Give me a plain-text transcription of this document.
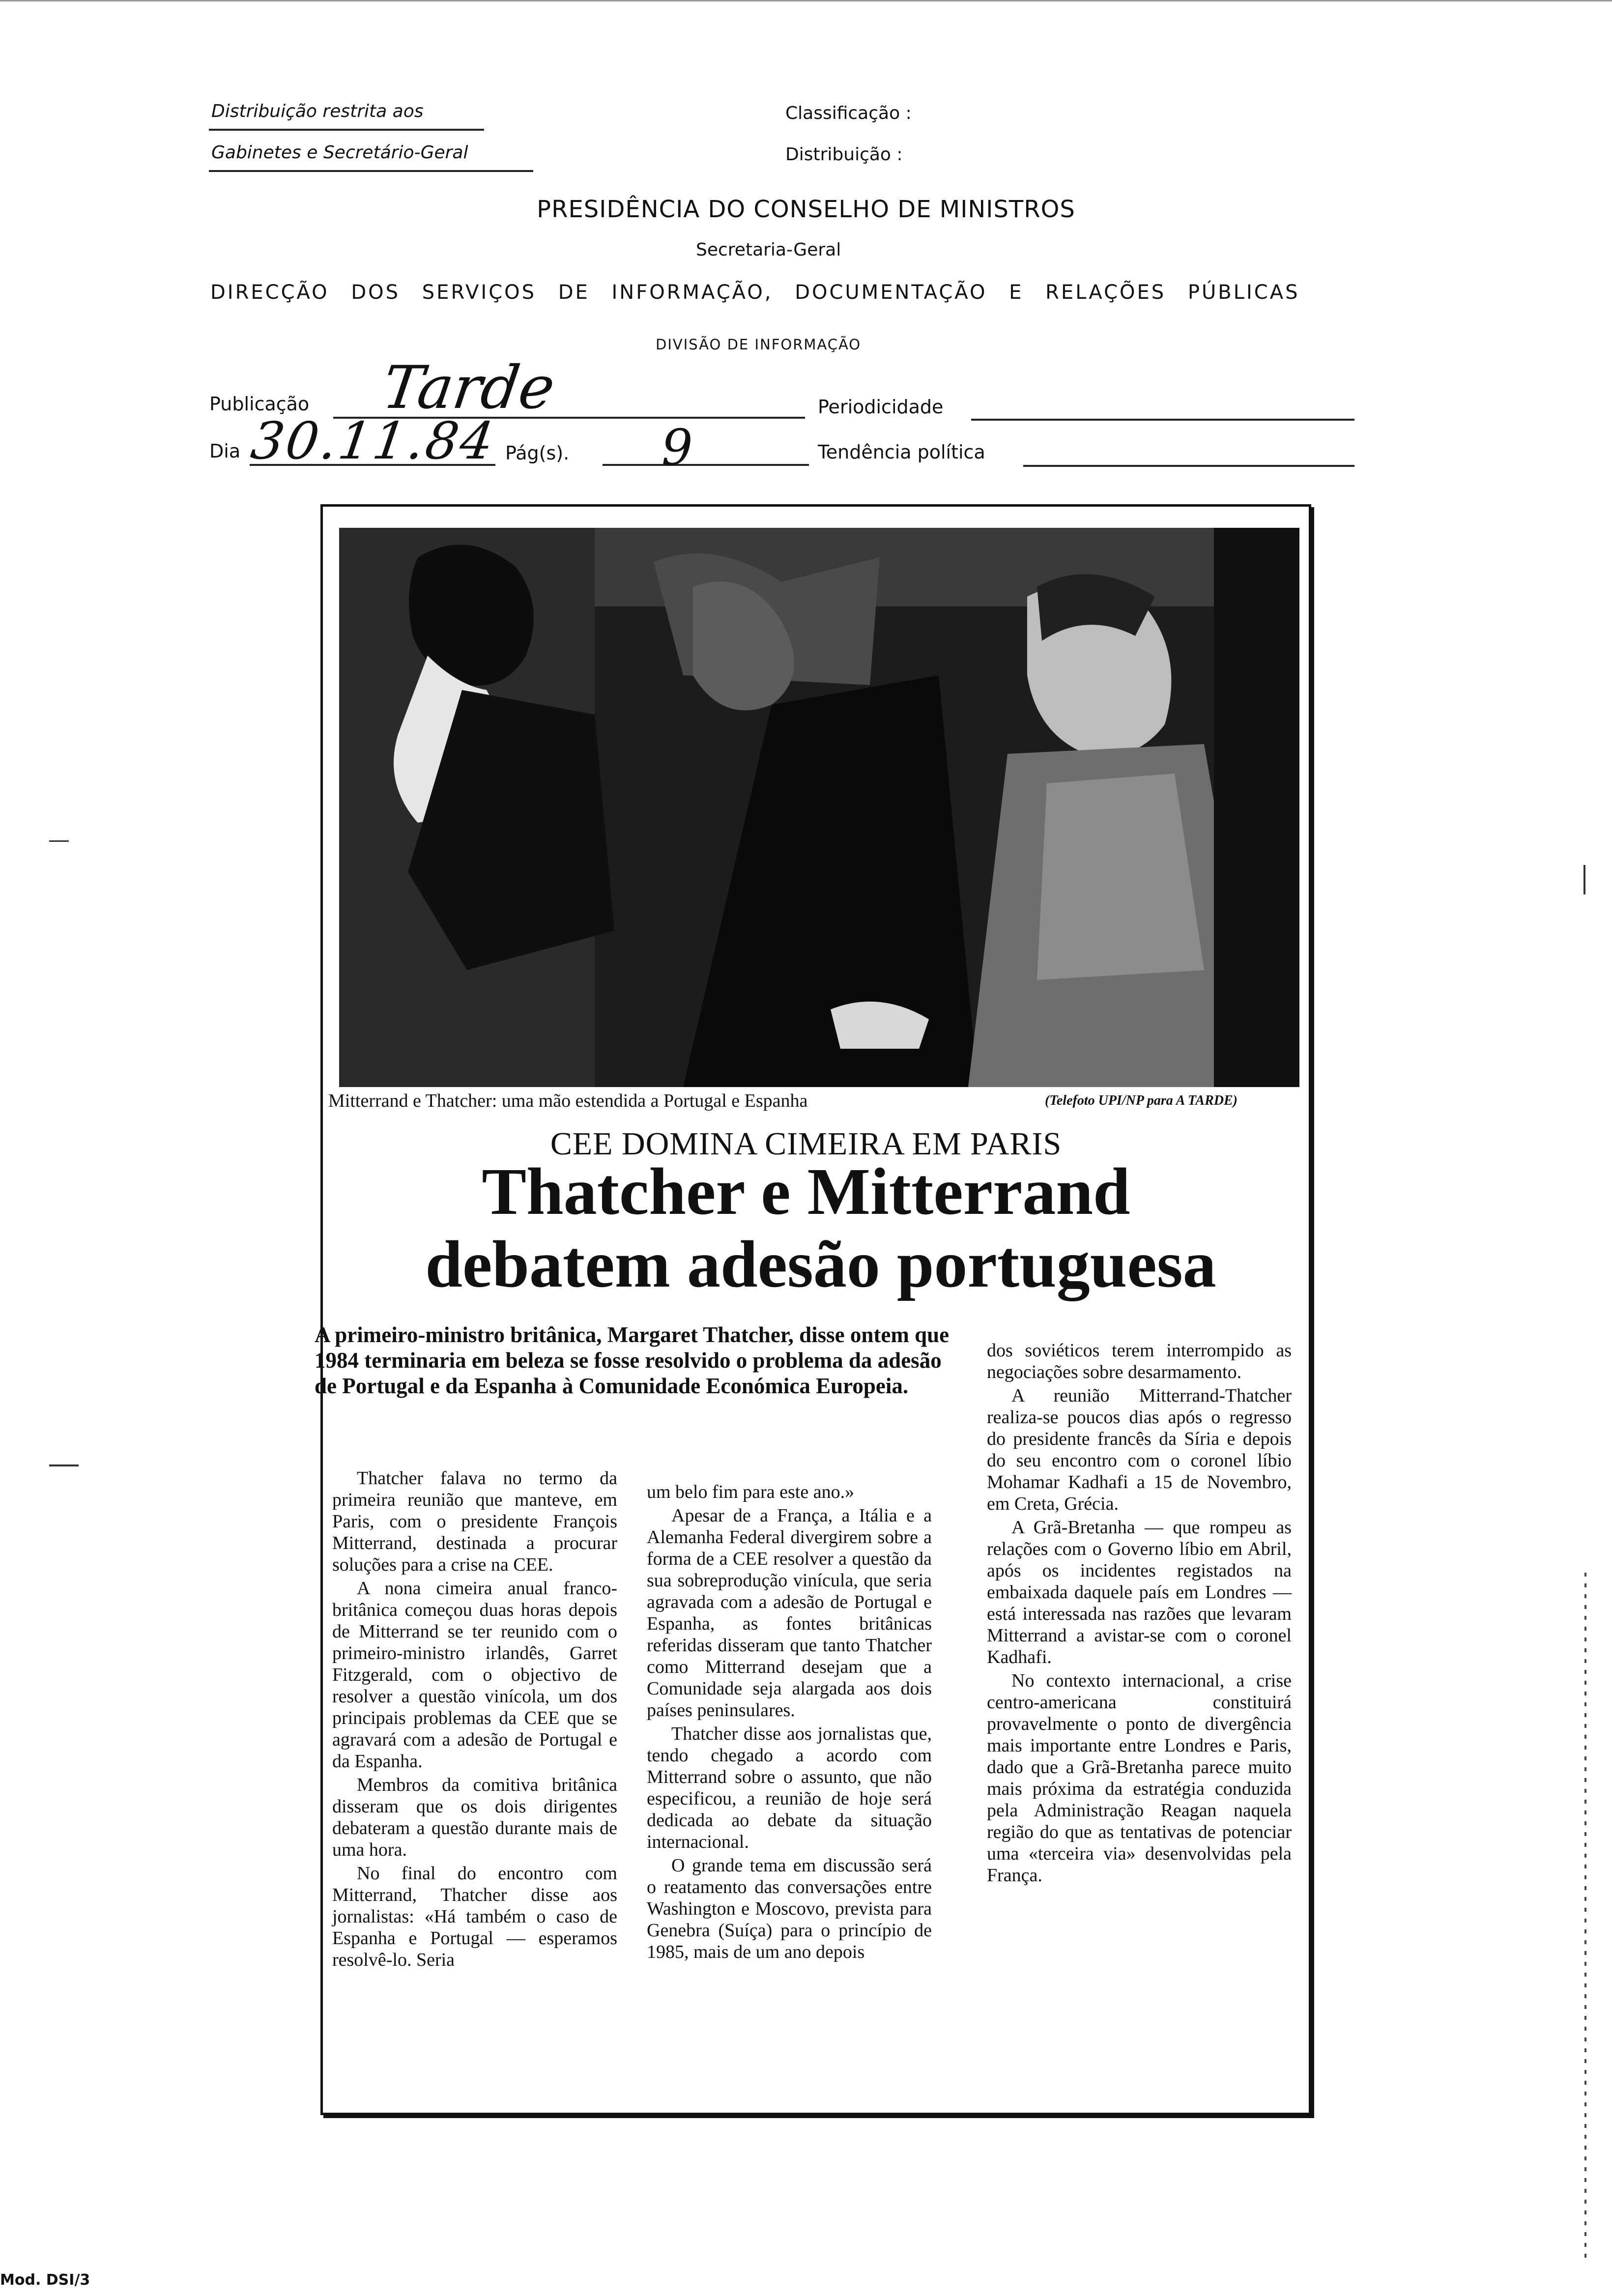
Distribuição restrita aos
Gabinetes e Secretário-Geral
Classificação :
Distribuição :
PRESIDÊNCIA DO CONSELHO DE MINISTROS
Secretaria-Geral
DIRECÇÃO DOS SERVIÇOS DE INFORMAÇÃO, DOCUMENTAÇÃO E RELAÇÕES PÚBLICAS
DIVISÃO DE INFORMAÇÃO
Publicação Tarde	Periodicidade
Dia 30.11.84 Pág(s). 9	Tendência política
Mitterrand e Thatcher: uma mão estendida a Portugal e Espanha	(Telefoto UPI/NP para A TARDE)
CEE DOMINA CIMEIRA EM PARIS
Thatcher e Mitterrand
debatem adesão portuguesa
A primeiro-ministro britânica, Margaret Thatcher, disse ontem que 1984 terminaria em beleza se fosse resolvido o problema da adesão de Portugal e da Espanha à Comunidade Económica Europeia.

Thatcher falava no termo da primeira reunião que manteve, em Paris, com o presidente François Mitterrand, destinada a procurar soluções para a crise na CEE.

A nona cimeira anual franco-britânica começou duas horas depois de Mitterrand se ter reunido com o primeiro-ministro irlandês, Garret Fitzgerald, com o objectivo de resolver a questão vinícola, um dos principais problemas da CEE que se agravará com a adesão de Portugal e da Espanha.

Membros da comitiva britânica disseram que os dois dirigentes debateram a questão durante mais de uma hora.

No final do encontro com Mitterrand, Thatcher disse aos jornalistas: «Há também o caso de Espanha e Portugal — esperamos resolvê-lo. Seria

um belo fim para este ano.»

Apesar de a França, a Itália e a Alemanha Federal divergirem sobre a forma de a CEE resolver a questão da sua sobreprodução vinícula, que seria agravada com a adesão de Portugal e Espanha, as fontes britânicas referidas disseram que tanto Thatcher como Mitterrand desejam que a Comunidade seja alargada aos dois países peninsulares.

Thatcher disse aos jornalistas que, tendo chegado a acordo com Mitterrand sobre o assunto, que não especificou, a reunião de hoje será dedicada ao debate da situação internacional.

O grande tema em discussão será o reatamento das conversações entre Washington e Moscovo, prevista para Genebra (Suíça) para o princípio de 1985, mais de um ano depois

dos soviéticos terem interrompido as negociações sobre desarmamento.

A reunião Mitterrand-Thatcher realiza-se poucos dias após o regresso do presidente francês da Síria e depois do seu encontro com o coronel líbio Mohamar Kadhafi a 15 de Novembro, em Creta, Grécia.

A Grã-Bretanha — que rompeu as relações com o Governo líbio em Abril, após os incidentes registados na embaixada daquele país em Londres — está interessada nas razões que levaram Mitterrand a avistar-se com o coronel Kadhafi.

No contexto internacional, a crise centro-americana constituirá provavelmente o ponto de divergência mais importante entre Londres e Paris, dado que a Grã-Bretanha parece muito mais próxima da estratégia conduzida pela Administração Reagan naquela região do que as tentativas de potenciar uma «terceira via» desenvolvidas pela França.

Mod. DSI/3
